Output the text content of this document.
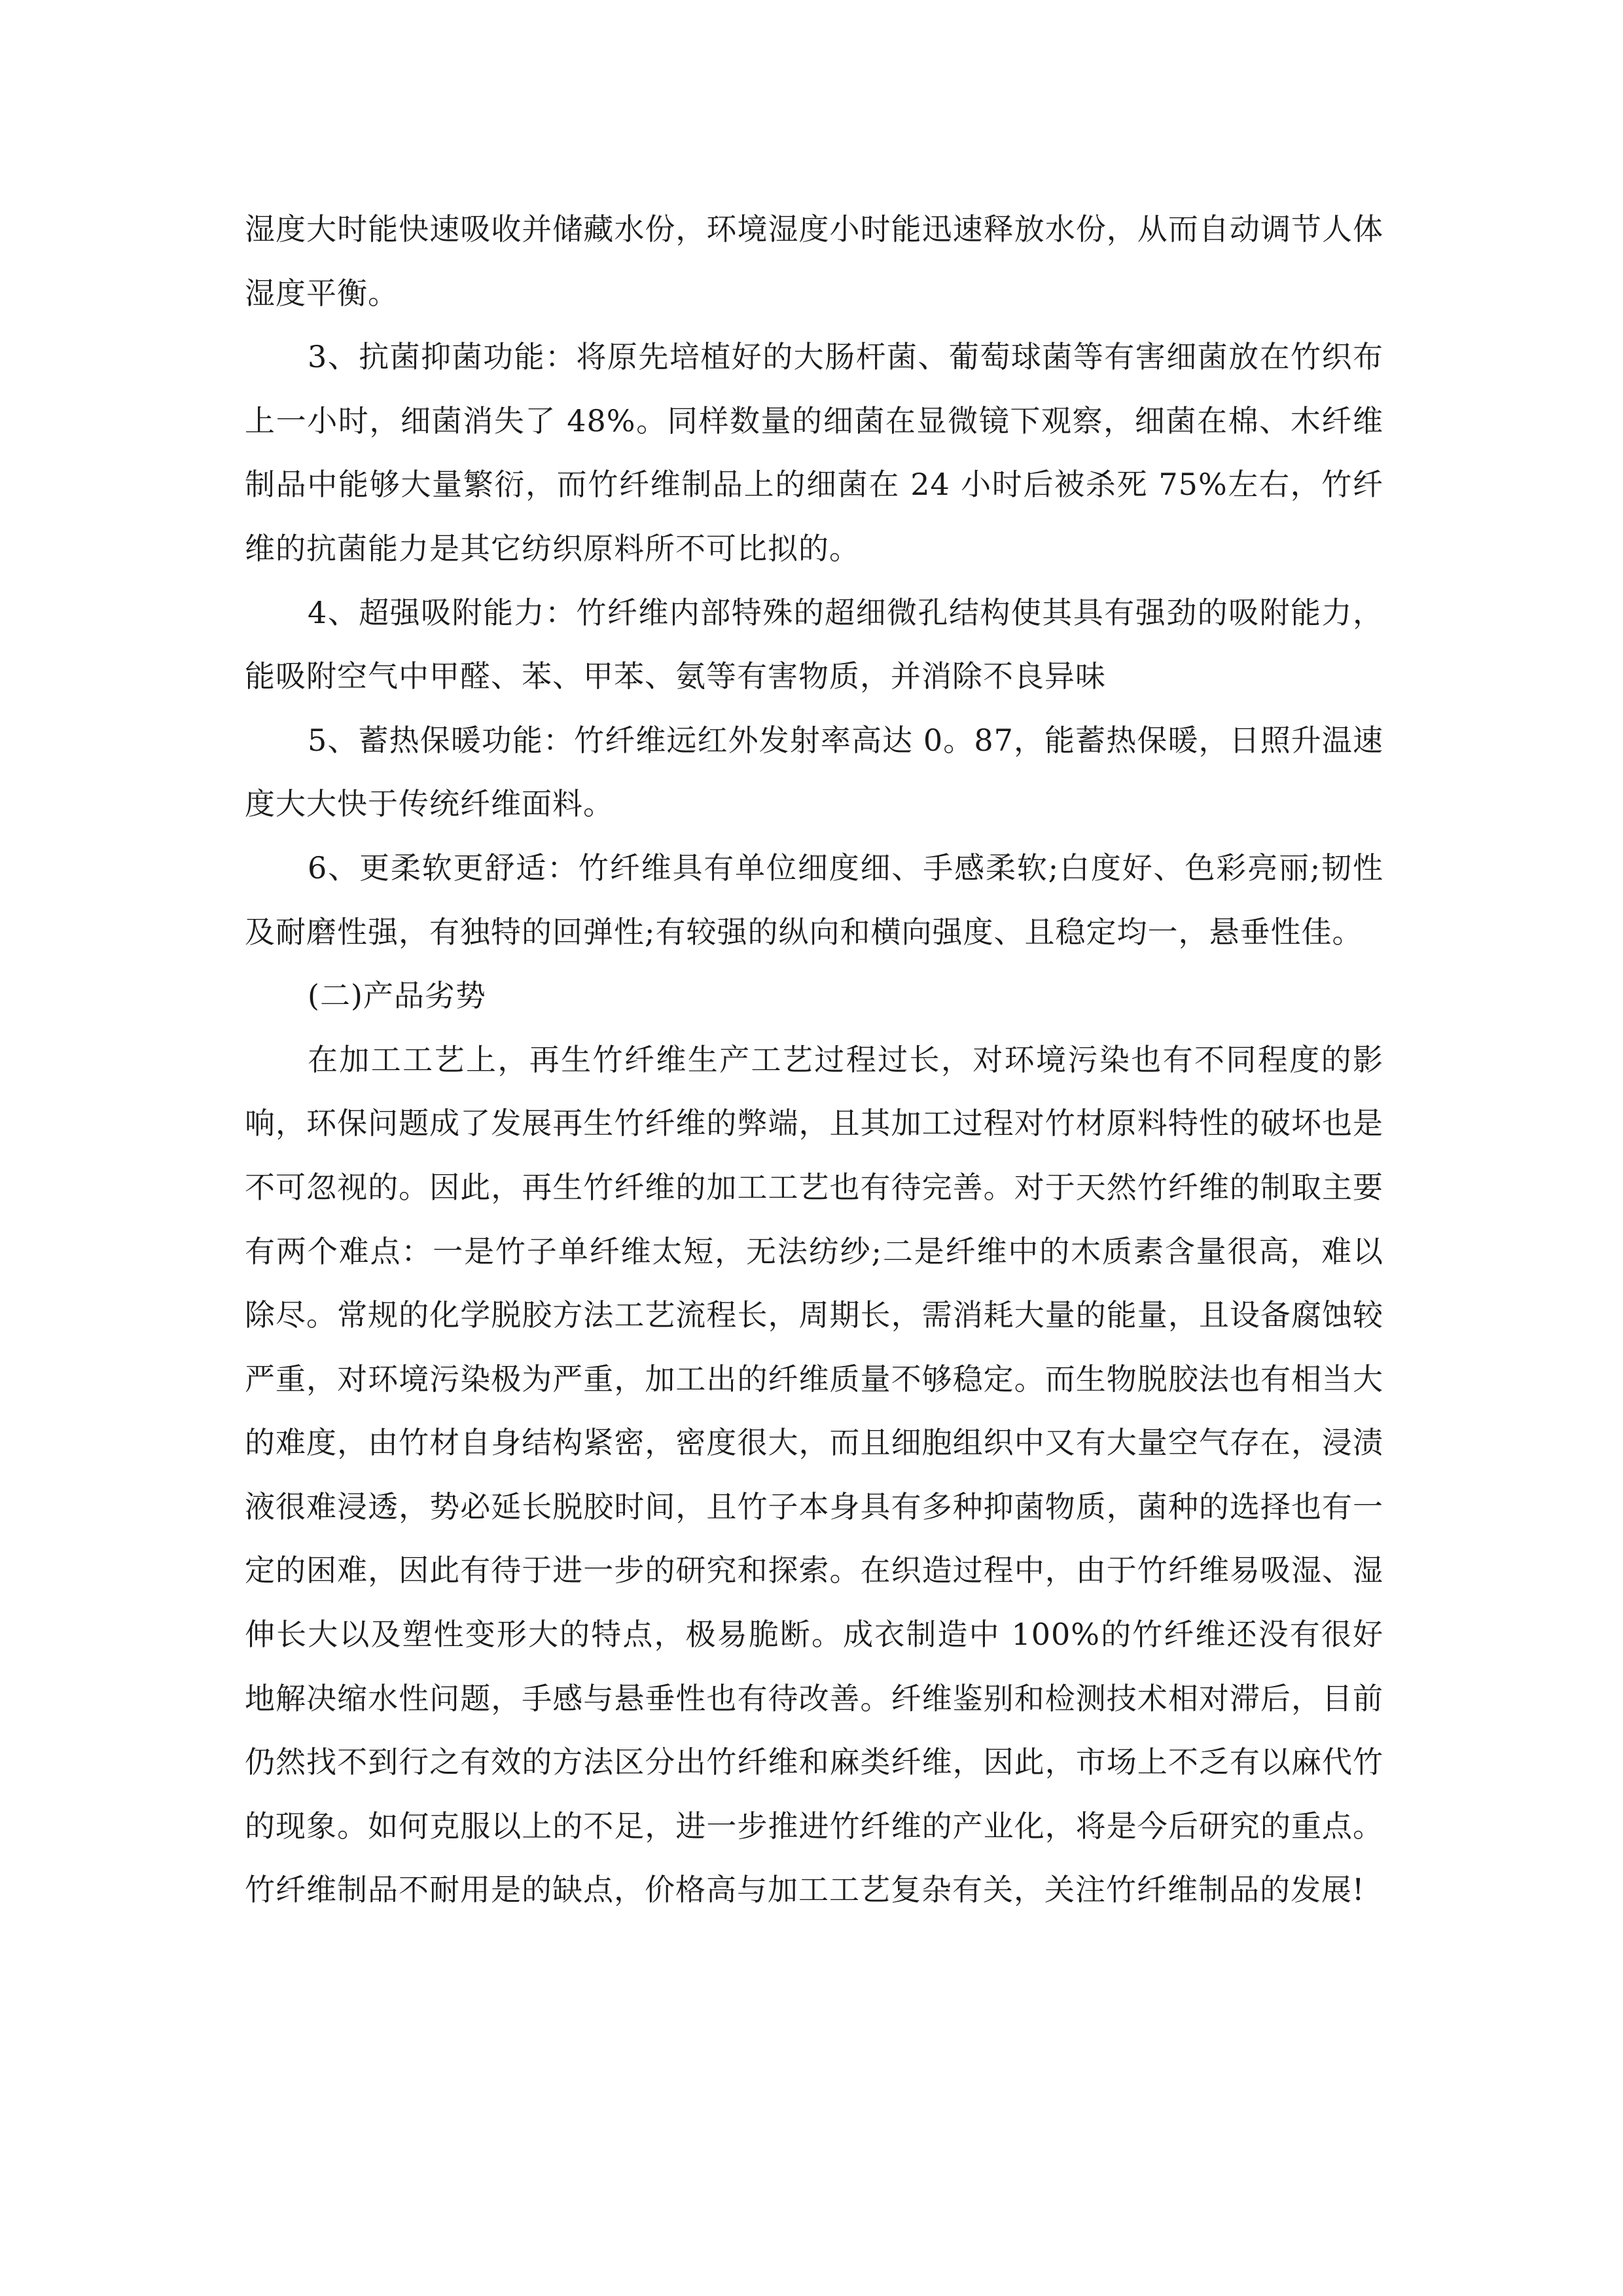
湿度大时能快速吸收并储藏水份，环境湿度小时能迅速释放水份，从而自动调节人体湿度平衡。

3、抗菌抑菌功能：将原先培植好的大肠杆菌、葡萄球菌等有害细菌放在竹织布上一小时，细菌消失了 48%。同样数量的细菌在显微镜下观察，细菌在棉、木纤维制品中能够大量繁衍，而竹纤维制品上的细菌在 24 小时后被杀死 75%左右，竹纤维的抗菌能力是其它纺织原料所不可比拟的。

4、超强吸附能力：竹纤维内部特殊的超细微孔结构使其具有强劲的吸附能力，能吸附空气中甲醛、苯、甲苯、氨等有害物质，并消除不良异味

5、蓄热保暖功能：竹纤维远红外发射率高达 0。87，能蓄热保暖，日照升温速度大大快于传统纤维面料。

6、更柔软更舒适：竹纤维具有单位细度细、手感柔软;白度好、色彩亮丽;韧性及耐磨性强，有独特的回弹性;有较强的纵向和横向强度、且稳定均一，悬垂性佳。

(二)产品劣势

在加工工艺上，再生竹纤维生产工艺过程过长，对环境污染也有不同程度的影响，环保问题成了发展再生竹纤维的弊端，且其加工过程对竹材原料特性的破坏也是不可忽视的。因此，再生竹纤维的加工工艺也有待完善。对于天然竹纤维的制取主要有两个难点：一是竹子单纤维太短，无法纺纱;二是纤维中的木质素含量很高，难以除尽。常规的化学脱胶方法工艺流程长，周期长，需消耗大量的能量，且设备腐蚀较严重，对环境污染极为严重，加工出的纤维质量不够稳定。而生物脱胶法也有相当大的难度，由竹材自身结构紧密，密度很大，而且细胞组织中又有大量空气存在，浸渍液很难浸透，势必延长脱胶时间，且竹子本身具有多种抑菌物质，菌种的选择也有一定的困难，因此有待于进一步的研究和探索。在织造过程中，由于竹纤维易吸湿、湿伸长大以及塑性变形大的特点，极易脆断。成衣制造中 100%的竹纤维还没有很好地解决缩水性问题，手感与悬垂性也有待改善。纤维鉴别和检测技术相对滞后，目前仍然找不到行之有效的方法区分出竹纤维和麻类纤维，因此，市场上不乏有以麻代竹的现象。如何克服以上的不足，进一步推进竹纤维的产业化，将是今后研究的重点。竹纤维制品不耐用是的缺点，价格高与加工工艺复杂有关，关注竹纤维制品的发展!
